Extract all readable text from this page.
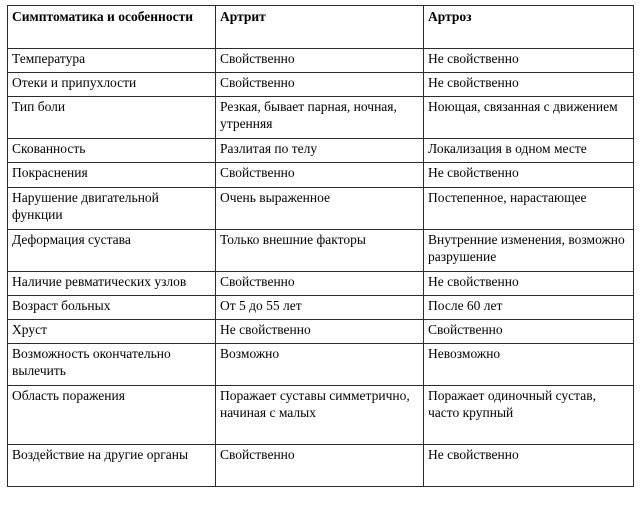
Симптоматика и особенности	Артрит	Артроз
Температура	Свойственно	Не свойственно
Отеки и припухлости	Свойственно	Не свойственно
Тип боли	Резкая, бывает парная, ночная, утренняя	Ноющая, связанная с движением
Скованность	Разлитая по телу	Локализация в одном месте
Покраснения	Свойственно	Не свойственно
Нарушение двигательной функции	Очень выраженное	Постепенное, нарастающее
Деформация сустава	Только внешние факторы	Внутренние изменения, возможно разрушение
Наличие ревматических узлов	Свойственно	Не свойственно
Возраст больных	От 5 до 55 лет	После 60 лет
Хруст	Не свойственно	Свойственно
Возможность окончательно вылечить	Возможно	Невозможно
Область поражения	Поражает суставы симметрично, начиная с малых	Поражает одиночный сустав, часто крупный
Воздействие на другие органы	Свойственно	Не свойственно
